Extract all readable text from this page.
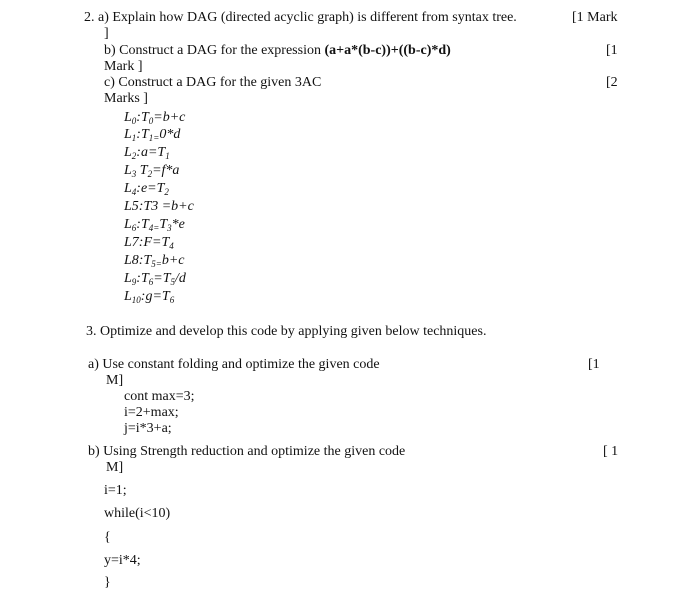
2. a) Explain how DAG (directed acyclic graph) is different from syntax tree.	[1 Mark
]
b) Construct a DAG for the expression (a+a*(b-c))+((b-c)*d)	[1
Mark ]
c) Construct a DAG for the given 3AC	[2
Marks ]
$L_0:T_0=b+c$
$L_1:T_{1=}0*d$
$L_2:a=T_1$
$L_3$ $T_2=f*a$
$L_4:e=T_2$
L5:T3 =b+c
$L_6:T_{4=}T_3*e$
$L7:F=T_4$
$L8:T_{5=}b+c$
$L_9:T_6=T_5/d$
$L_{10}:g=T_6$
3. Optimize and develop this code by applying given below techniques.
a) Use constant folding and optimize the given code	[1
M]
cont max=3;
i=2+max;
j=i*3+a;
b) Using Strength reduction and optimize the given code	[ 1
M]
i=1;
while(i<10)
{
y=i*4;
}
